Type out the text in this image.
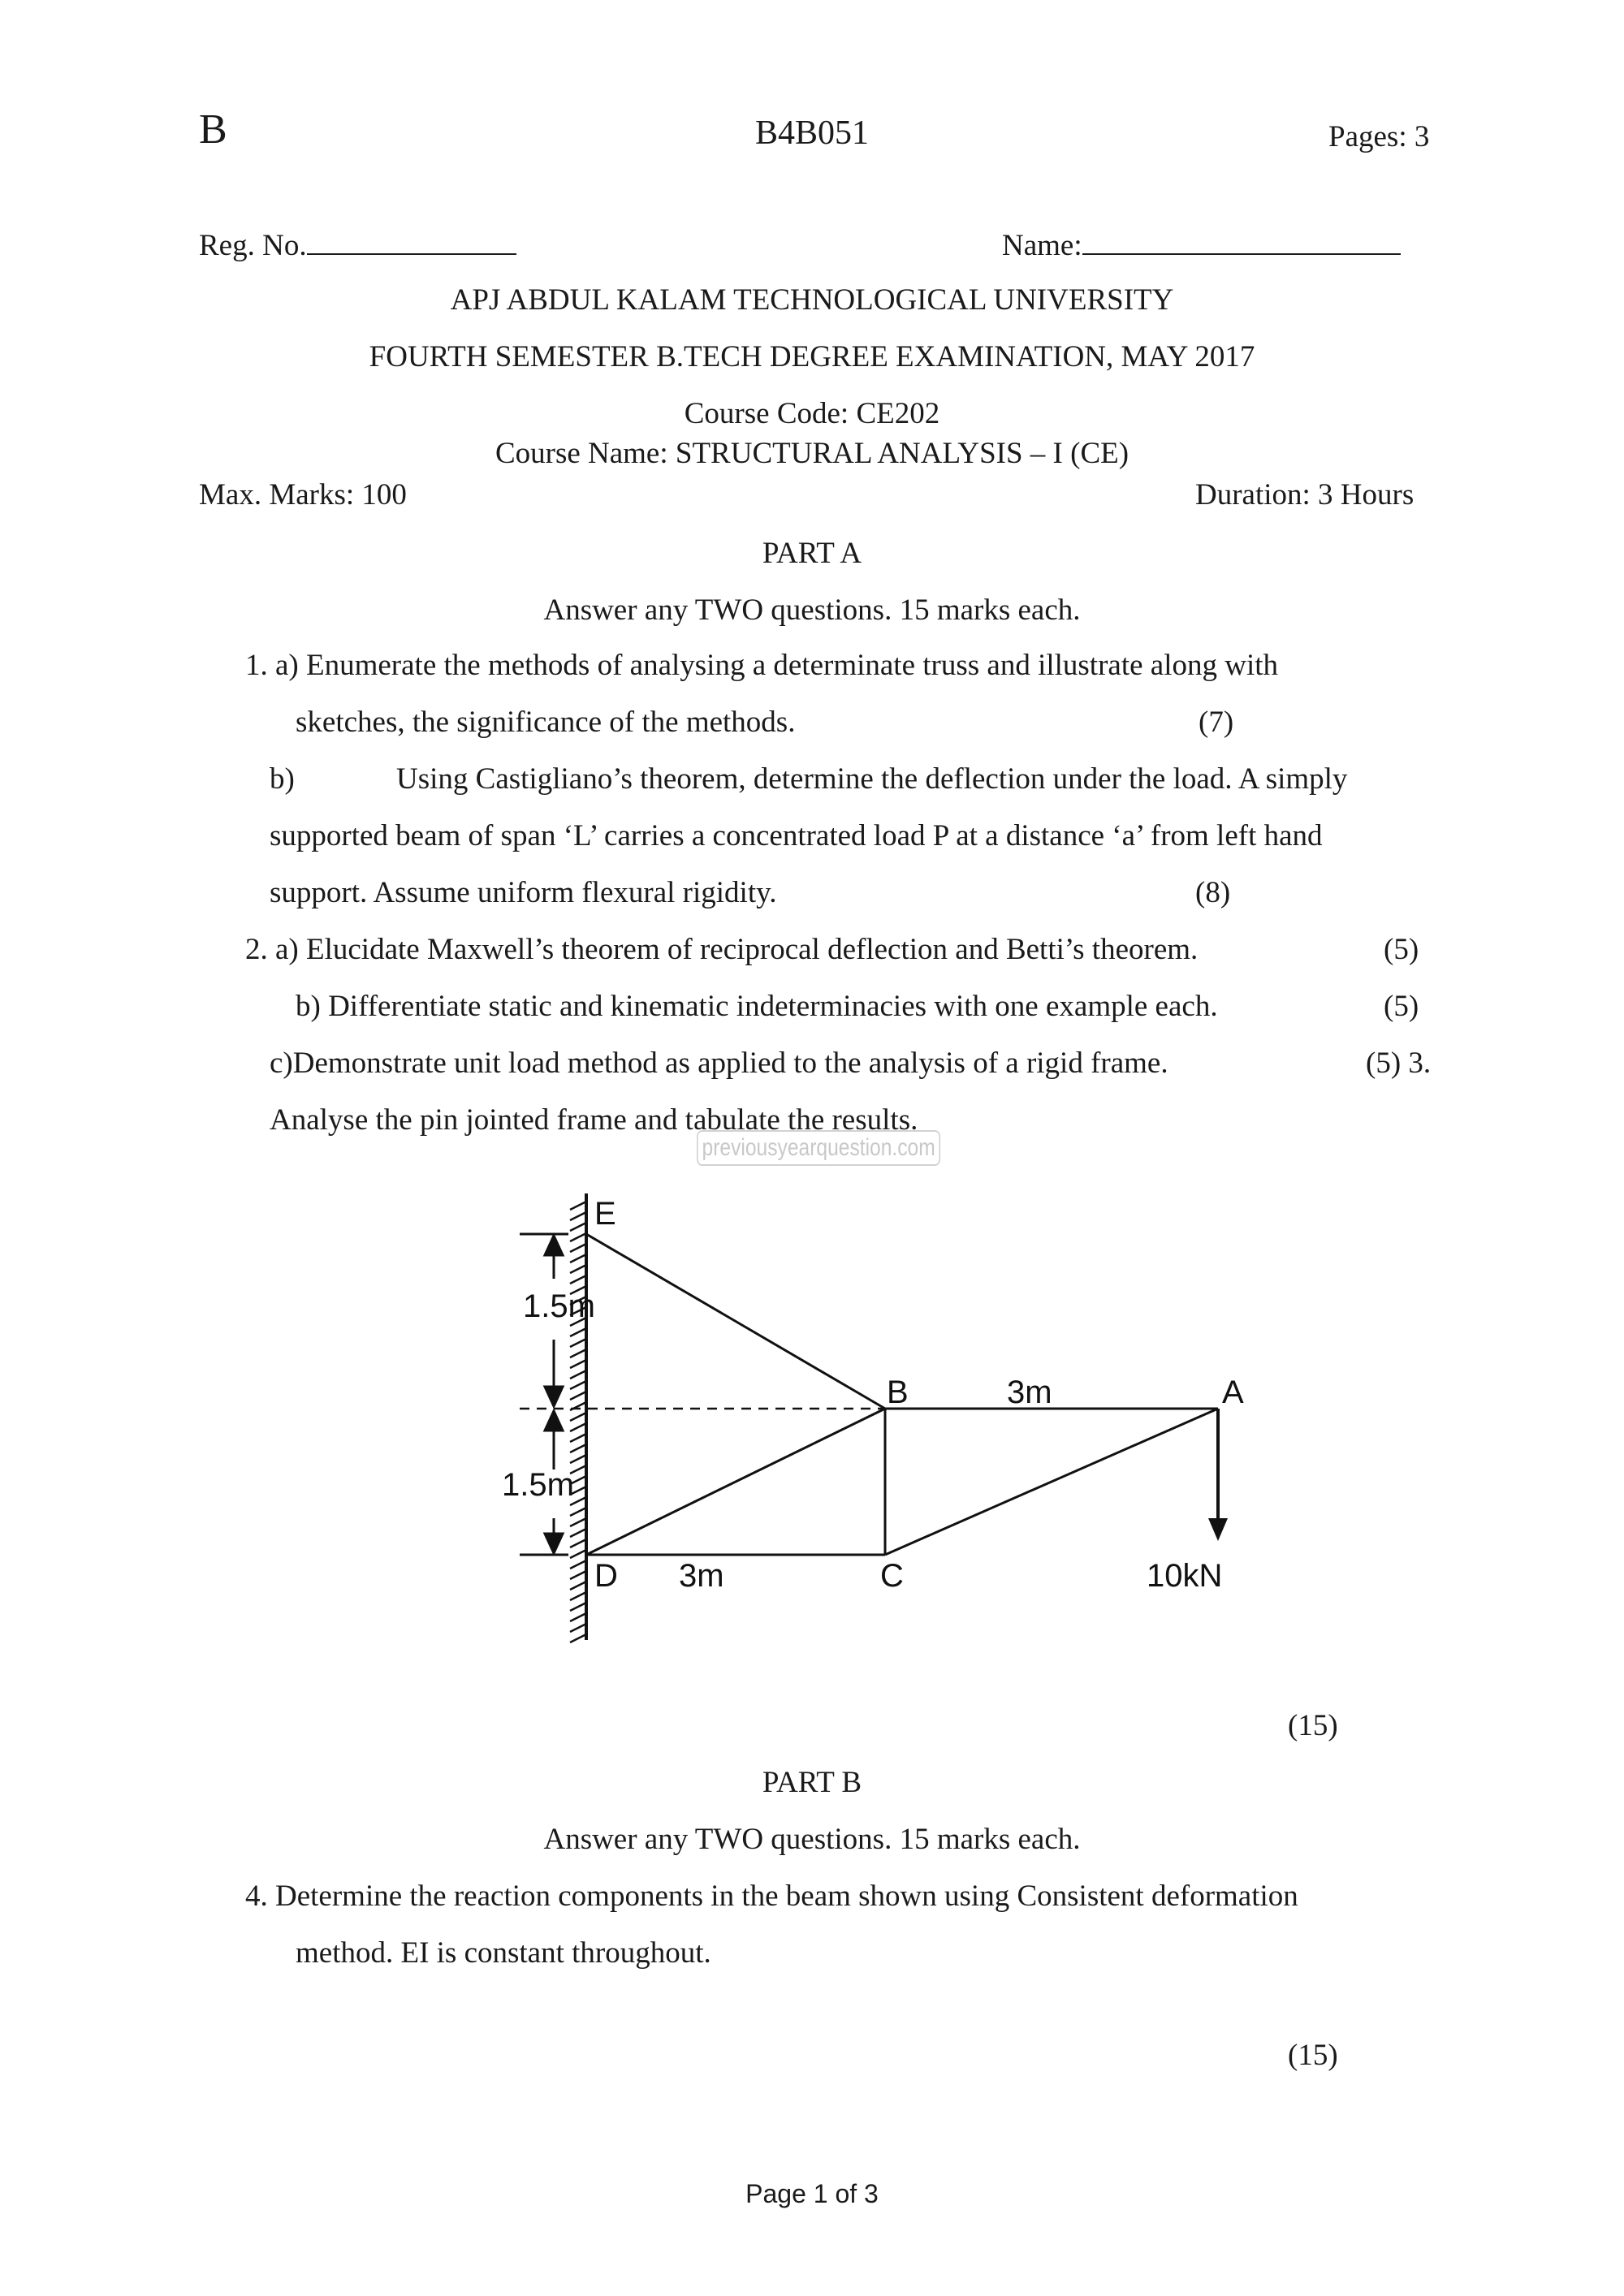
B	B4B051	Pages: 3
Reg. No.	Name:
APJ ABDUL KALAM TECHNOLOGICAL UNIVERSITY
FOURTH SEMESTER B.TECH DEGREE EXAMINATION, MAY 2017
Course Code: CE202
Course Name: STRUCTURAL ANALYSIS – I (CE)
Max. Marks: 100	Duration: 3 Hours
PART A
Answer any TWO questions. 15 marks each.
1. a) Enumerate the methods of analysing a determinate truss and illustrate along with
sketches, the significance of the methods.	(7)
b)	Using Castigliano’s theorem, determine the deflection under the load. A simply
supported beam of span ‘L’ carries a concentrated load P at a distance ‘a’ from left hand
support. Assume uniform flexural rigidity.	(8)
2. a) Elucidate Maxwell’s theorem of reciprocal deflection and Betti’s theorem.	(5)
b) Differentiate static and kinematic indeterminacies with one example each.	(5)
c)Demonstrate unit load method as applied to the analysis of a rigid frame.	(5) 3.
Analyse the pin jointed frame and tabulate the results.
previousyearquestion.com
E
B	A
D	C
1.5m
1.5m
3m
3m	10kN
(15)
PART B
Answer any TWO questions. 15 marks each.
4. Determine the reaction components in the beam shown using Consistent deformation
method. EI is constant throughout.
(15)
Page 1 of 3
